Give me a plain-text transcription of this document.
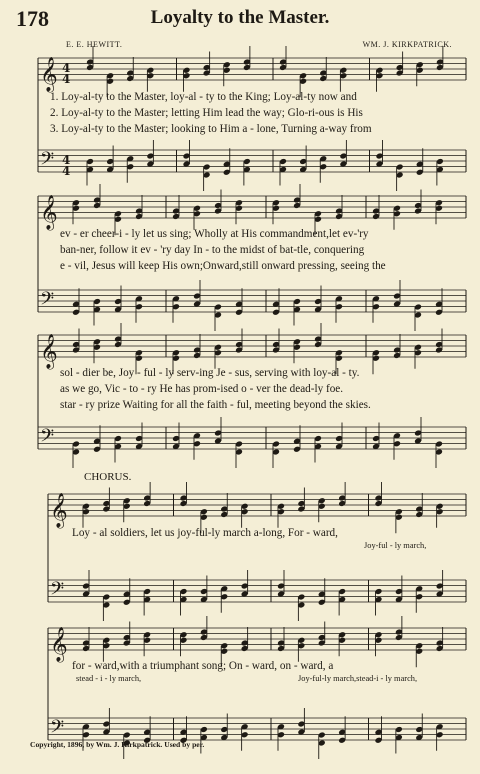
178	Loyalty to the Master.
E. E. HEWITT.	WM. J. KIRKPATRICK.
𝄞
𝄢
𝄞
𝄢
𝄞
𝄢
𝄞
𝄢
𝄞
𝄢
4
4
4
4
1. Loy-al-ty to the Master, loy-al - ty to the King; Loy-al-ty now and
2. Loy-al-ty to the Master; letting Him lead the way; Glo-ri-ous is His
3. Loy-al-ty to the Master; looking to Him a - lone, Turning a-way from
ev - er cheer-i - ly let us sing; Wholly at His commandment,let ev-'ry
ban-ner, follow it ev - 'ry day In - to the midst of bat-tle, conquering
e - vil, Jesus will keep His own;Onward,still onward pressing, seeing the
sol - dier be, Joy - ful - ly serv-ing Je - sus, serving with loy-al - ty.
as we go, Vic - to - ry He has prom-ised o - ver the dead-ly foe.
star - ry prize Waiting for all the faith - ful, meeting beyond the skies.
CHORUS.
Loy - al soldiers, let us joy-ful-ly march a-long, For - ward,
Joy-ful - ly march,
for - ward,with a triumphant song; On - ward, on - ward, a
stead - i - ly march,	Joy-ful-ly march,stead-i - ly march,
Copyright, 1896, by Wm. J. Kirkpatrick. Used by per.
